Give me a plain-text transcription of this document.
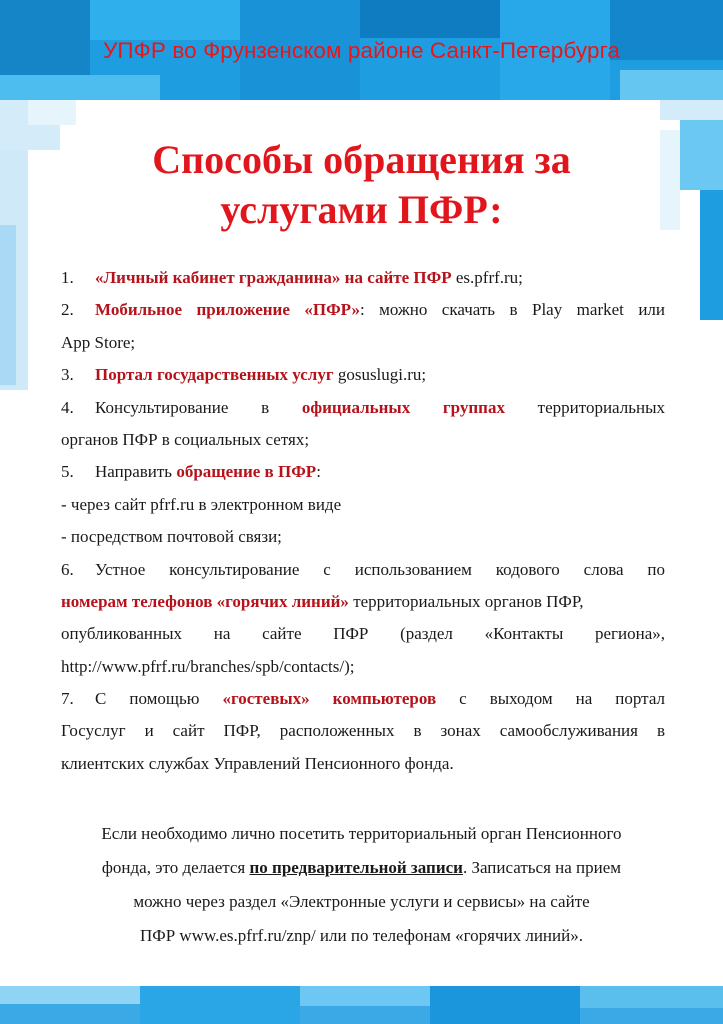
УПФР во Фрунзенском районе Санкт-Петербурга
Способы обращения за
услугами ПФР:
1. «Личный кабинет гражданина» на сайте ПФР es.pfrf.ru;
2. Мобильное приложение «ПФР»: можно скачать в Play market или
App Store;
3. Портал государственных услуг gosuslugi.ru;
4. Консультирование в официальных группах территориальных
органов ПФР в социальных сетях;
5. Направить обращение в ПФР:
- через сайт pfrf.ru в электронном виде
- посредством почтовой связи;
6. Устное консультирование с использованием кодового слова по
номерам телефонов «горячих линий» территориальных органов ПФР,
опубликованных на сайте ПФР (раздел «Контакты региона»,
http://www.pfrf.ru/branches/spb/contacts/);
7. С помощью «гостевых» компьютеров с выходом на портал
Госуслуг и сайт ПФР, расположенных в зонах самообслуживания в
клиентских службах Управлений Пенсионного фонда.
Если необходимо лично посетить территориальный орган Пенсионного
фонда, это делается по предварительной записи. Записаться на прием
можно через раздел «Электронные услуги и сервисы» на сайте
ПФР www.es.pfrf.ru/znp/ или по телефонам «горячих линий».
